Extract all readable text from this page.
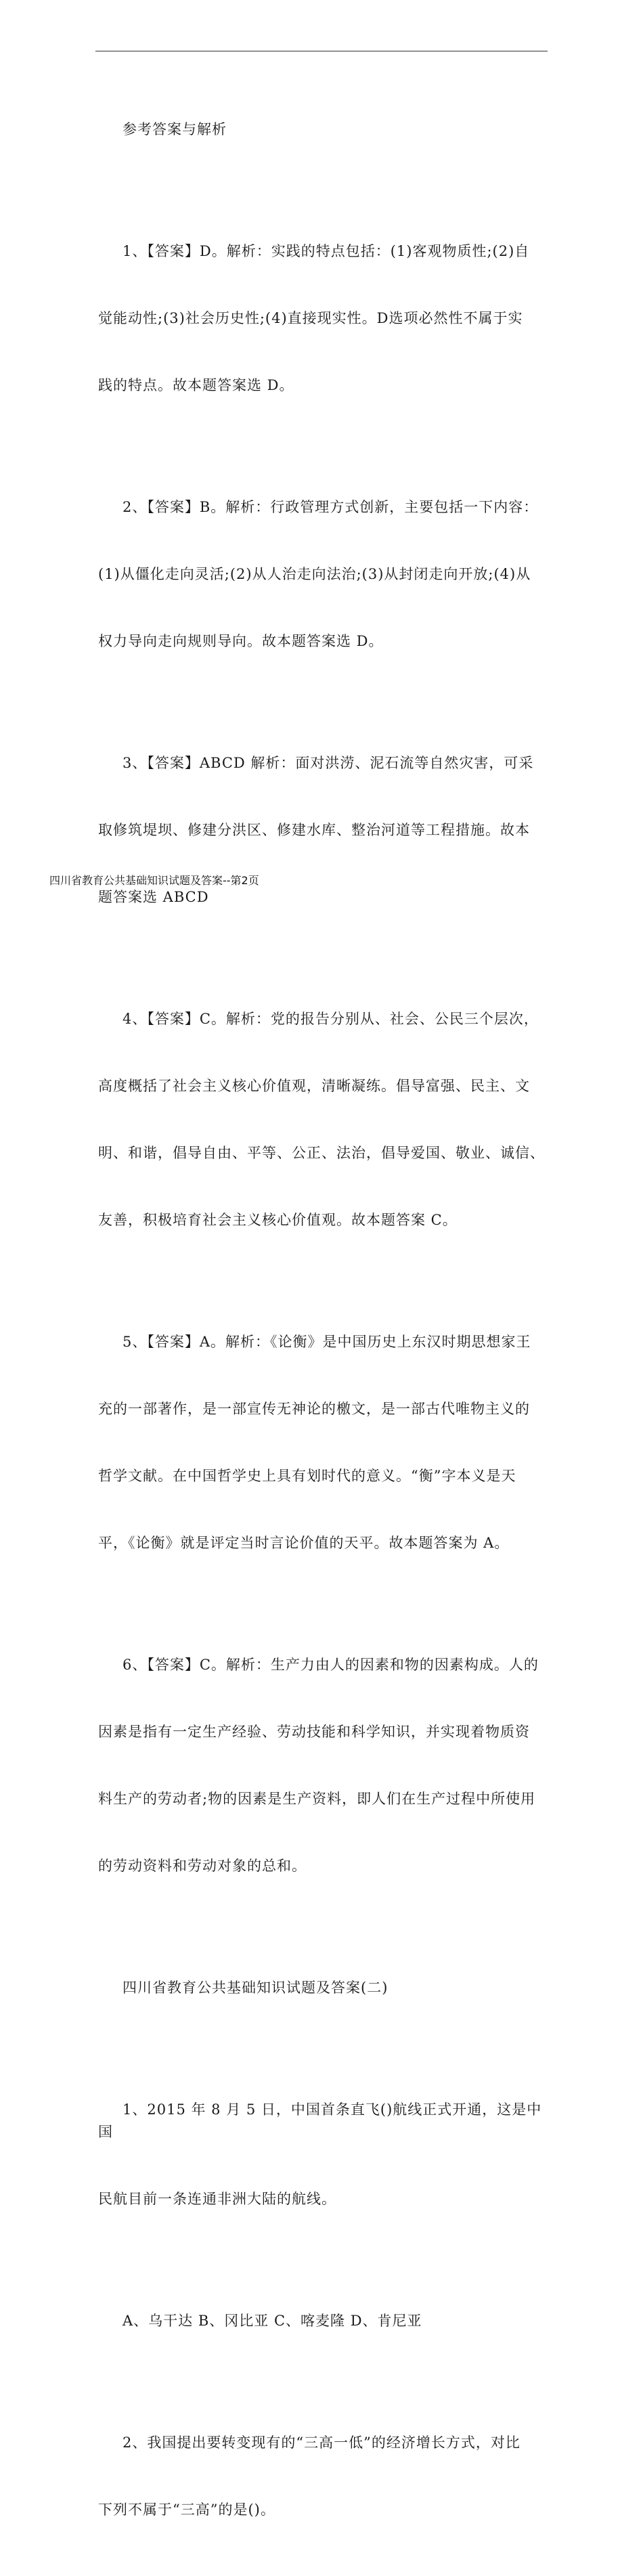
参考答案与解析

1、【答案】D。解析：实践的特点包括：(1)客观物质性;(2)自

觉能动性;(3)社会历史性;(4)直接现实性。D选项必然性不属于实

践的特点。故本题答案选 D。

2、【答案】B。解析：行政管理方式创新，主要包括一下内容：

(1)从僵化走向灵活;(2)从人治走向法治;(3)从封闭走向开放;(4)从

权力导向走向规则导向。故本题答案选 D。

3、【答案】ABCD 解析：面对洪涝、泥石流等自然灾害，可采

取修筑堤坝、修建分洪区、修建水库、整治河道等工程措施。故本

题答案选 ABCD

4、【答案】C。解析：党的报告分别从、社会、公民三个层次，

高度概括了社会主义核心价值观，清晰凝练。倡导富强、民主、文

明、和谐，倡导自由、平等、公正、法治，倡导爱国、敬业、诚信、

友善，积极培育社会主义核心价值观。故本题答案 C。

5、【答案】A。解析：《论衡》是中国历史上东汉时期思想家王

充的一部著作，是一部宣传无神论的檄文，是一部古代唯物主义的

哲学文献。在中国哲学史上具有划时代的意义。“衡”字本义是天

平，《论衡》就是评定当时言论价值的天平。故本题答案为 A。

6、【答案】C。解析：生产力由人的因素和物的因素构成。人的

因素是指有一定生产经验、劳动技能和科学知识，并实现着物质资

料生产的劳动者;物的因素是生产资料，即人们在生产过程中所使用

的劳动资料和劳动对象的总和。

四川省教育公共基础知识试题及答案(二)

1、2015 年 8 月 5 日，中国首条直飞()航线正式开通，这是中国

民航目前一条连通非洲大陆的航线。

A、乌干达 B、冈比亚 C、喀麦隆 D、肯尼亚

2、我国提出要转变现有的“三高一低”的经济增长方式，对比

下列不属于“三高”的是()。

四川省教育公共基础知识试题及答案--第2页
